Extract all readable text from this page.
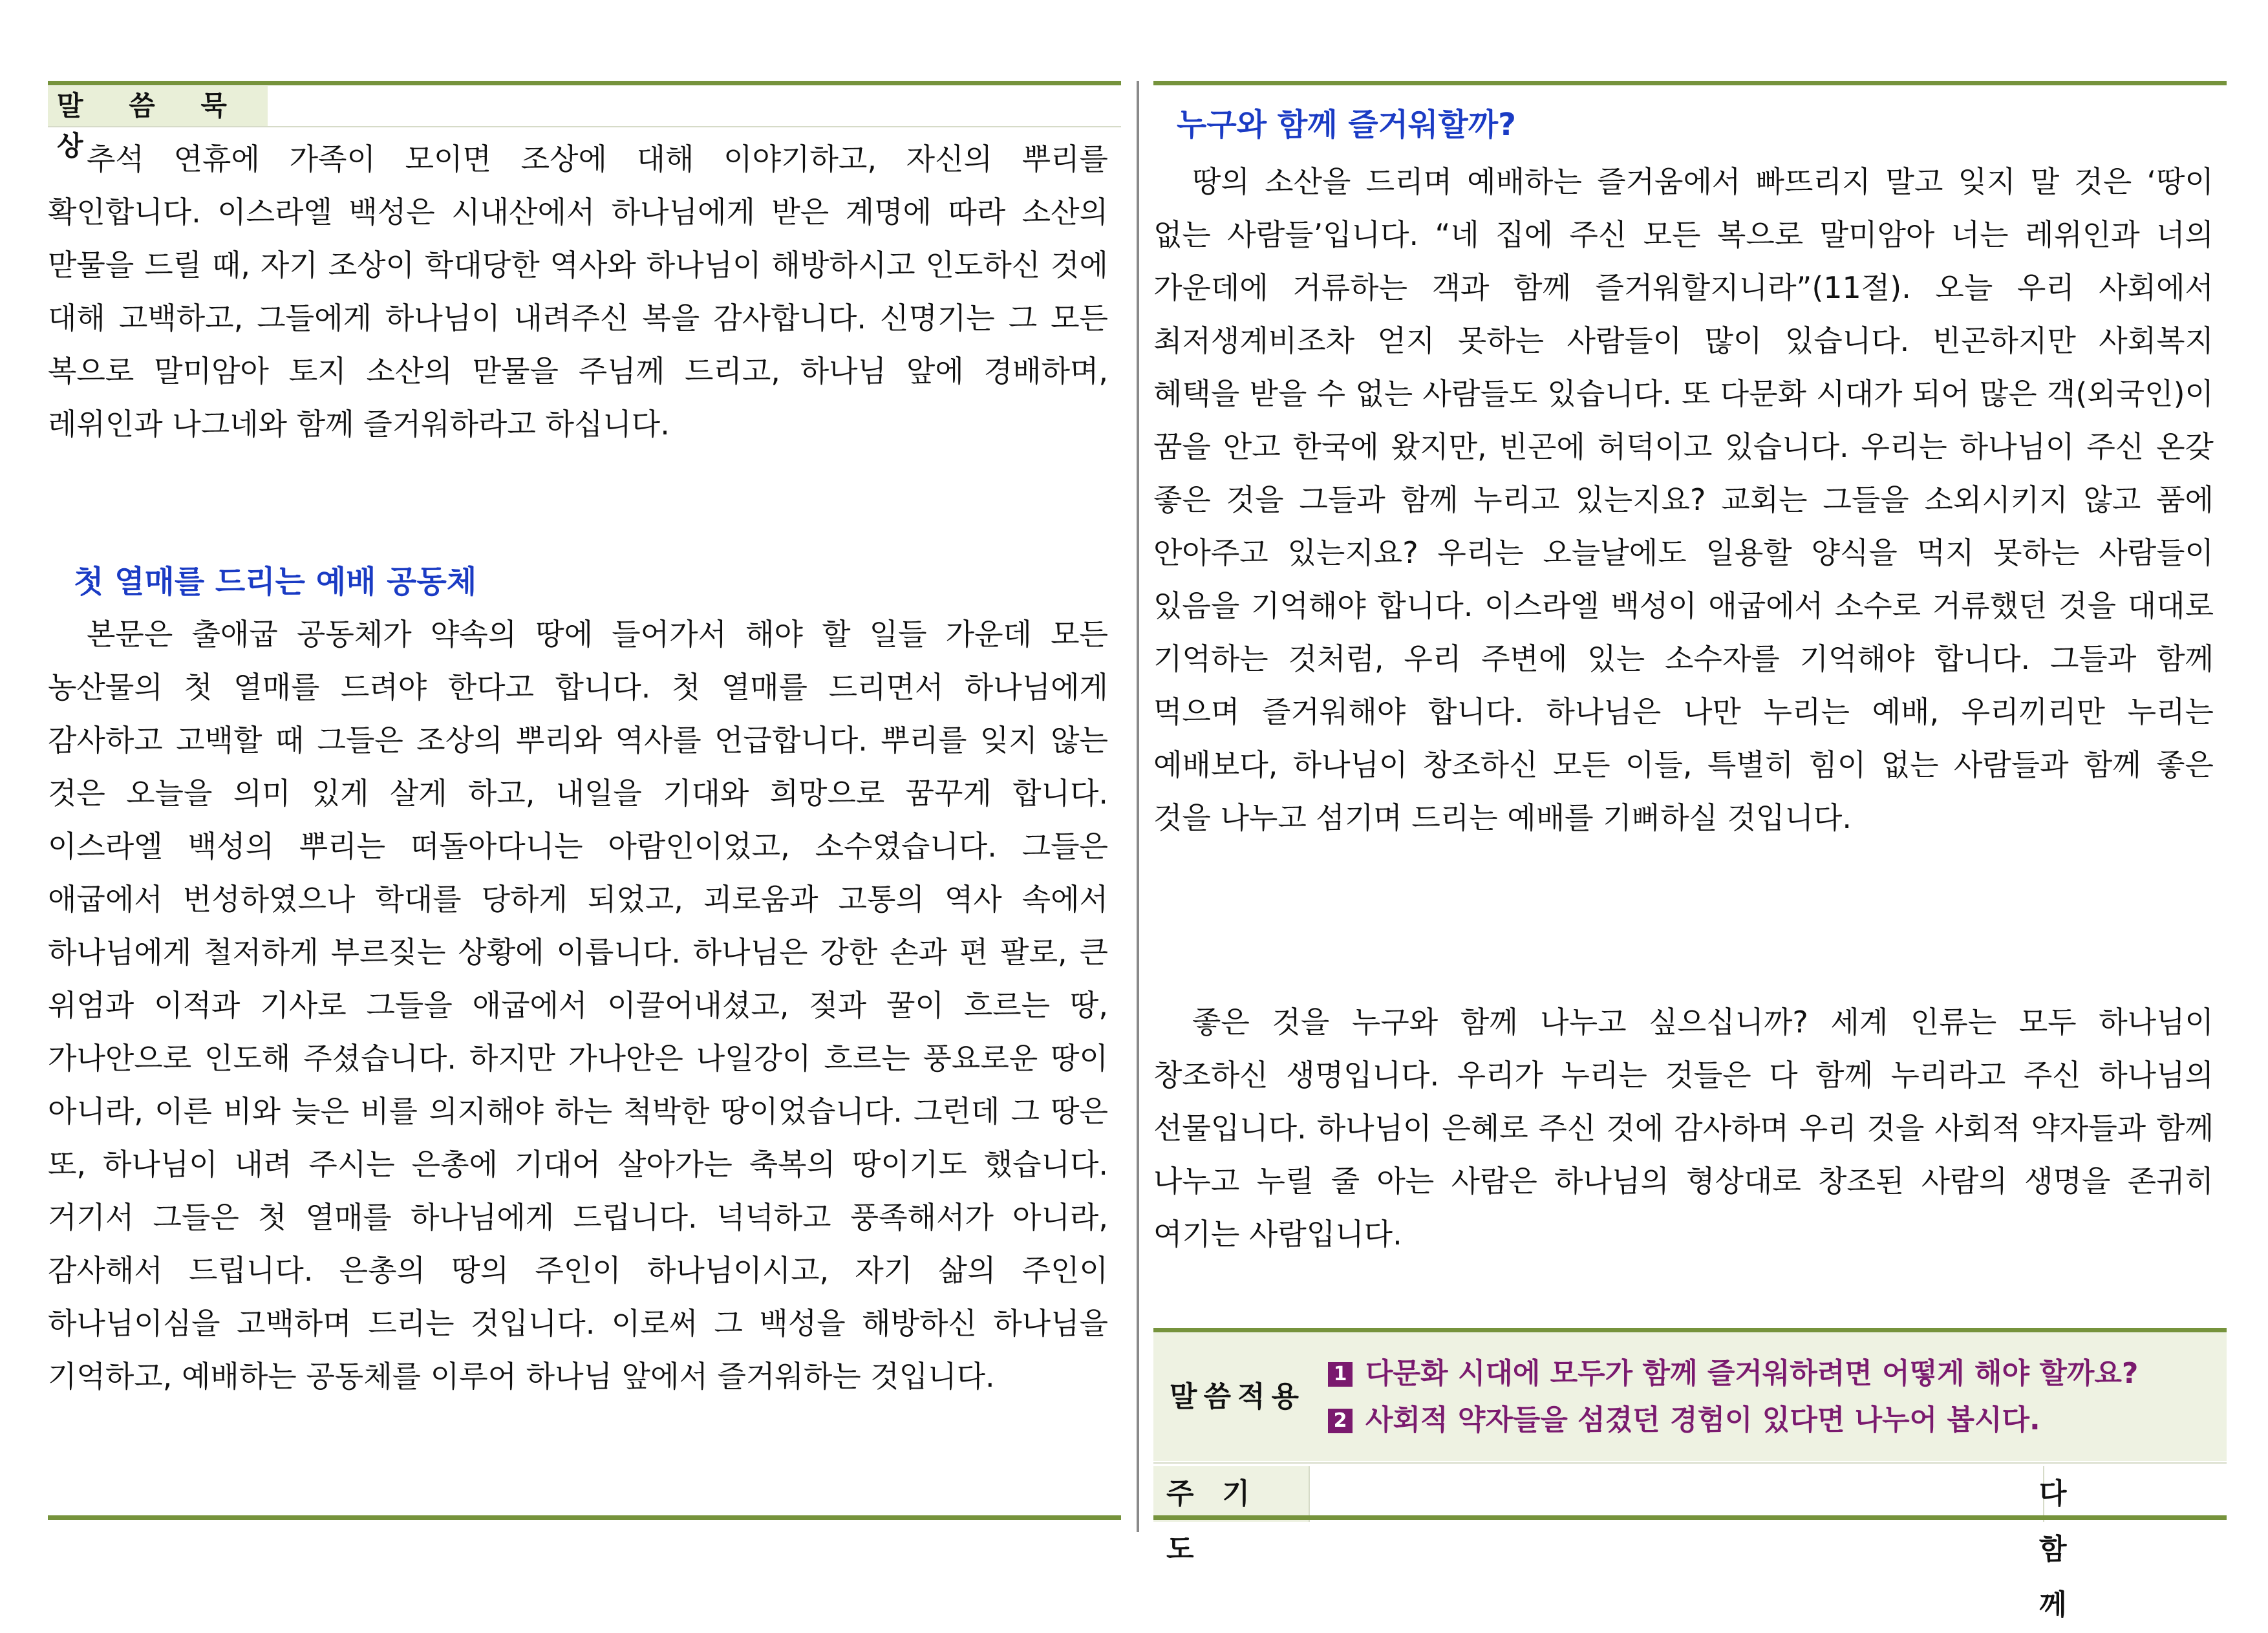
말 씀 묵 상

추석 연휴에 가족이 모이면 조상에 대해 이야기하고, 자신의 뿌리를 확인합니다. 이스라엘 백성은 시내산에서 하나님에게 받은 계명에 따라 소산의 맏물을 드릴 때, 자기 조상이 학대당한 역사와 하나님이 해방하시고 인도하신 것에 대해 고백하고, 그들에게 하나님이 내려주신 복을 감사합니다. 신명기는 그 모든 복으로 말미암아 토지 소산의 맏물을 주님께 드리고, 하나님 앞에 경배하며, 레위인과 나그네와 함께 즐거워하라고 하십니다.

첫 열매를 드리는 예배 공동체

본문은 출애굽 공동체가 약속의 땅에 들어가서 해야 할 일들 가운데 모든 농산물의 첫 열매를 드려야 한다고 합니다. 첫 열매를 드리면서 하나님에게 감사하고 고백할 때 그들은 조상의 뿌리와 역사를 언급합니다. 뿌리를 잊지 않는 것은 오늘을 의미 있게 살게 하고, 내일을 기대와 희망으로 꿈꾸게 합니다. 이스라엘 백성의 뿌리는 떠돌아다니는 아람인이었고, 소수였습니다. 그들은 애굽에서 번성하였으나 학대를 당하게 되었고, 괴로움과 고통의 역사 속에서 하나님에게 철저하게 부르짖는 상황에 이릅니다. 하나님은 강한 손과 편 팔로, 큰 위엄과 이적과 기사로 그들을 애굽에서 이끌어내셨고, 젖과 꿀이 흐르는 땅, 가나안으로 인도해 주셨습니다. 하지만 가나안은 나일강이 흐르는 풍요로운 땅이 아니라, 이른 비와 늦은 비를 의지해야 하는 척박한 땅이었습니다. 그런데 그 땅은 또, 하나님이 내려 주시는 은총에 기대어 살아가는 축복의 땅이기도 했습니다. 거기서 그들은 첫 열매를 하나님에게 드립니다. 넉넉하고 풍족해서가 아니라, 감사해서 드립니다. 은총의 땅의 주인이 하나님이시고, 자기 삶의 주인이 하나님이심을 고백하며 드리는 것입니다. 이로써 그 백성을 해방하신 하나님을 기억하고, 예배하는 공동체를 이루어 하나님 앞에서 즐거워하는 것입니다.

누구와 함께 즐거워할까?

땅의 소산을 드리며 예배하는 즐거움에서 빠뜨리지 말고 잊지 말 것은 ‘땅이 없는 사람들’입니다. “네 집에 주신 모든 복으로 말미암아 너는 레위인과 너의 가운데에 거류하는 객과 함께 즐거워할지니라”(11절). 오늘 우리 사회에서 최저생계비조차 얻지 못하는 사람들이 많이 있습니다. 빈곤하지만 사회복지 혜택을 받을 수 없는 사람들도 있습니다. 또 다문화 시대가 되어 많은 객(외국인)이 꿈을 안고 한국에 왔지만, 빈곤에 허덕이고 있습니다. 우리는 하나님이 주신 온갖 좋은 것을 그들과 함께 누리고 있는지요? 교회는 그들을 소외시키지 않고 품에 안아주고 있는지요? 우리는 오늘날에도 일용할 양식을 먹지 못하는 사람들이 있음을 기억해야 합니다. 이스라엘 백성이 애굽에서 소수로 거류했던 것을 대대로 기억하는 것처럼, 우리 주변에 있는 소수자를 기억해야 합니다. 그들과 함께 먹으며 즐거워해야 합니다. 하나님은 나만 누리는 예배, 우리끼리만 누리는 예배보다, 하나님이 창조하신 모든 이들, 특별히 힘이 없는 사람들과 함께 좋은 것을 나누고 섬기며 드리는 예배를 기뻐하실 것입니다.

좋은 것을 누구와 함께 나누고 싶으십니까? 세계 인류는 모두 하나님이 창조하신 생명입니다. 우리가 누리는 것들은 다 함께 누리라고 주신 하나님의 선물입니다. 하나님이 은혜로 주신 것에 감사하며 우리 것을 사회적 약자들과 함께 나누고 누릴 줄 아는 사람은 하나님의 형상대로 창조된 사람의 생명을 존귀히 여기는 사람입니다.

말씀적용
1 다문화 시대에 모두가 함께 즐거워하려면 어떻게 해야 할까요?
2 사회적 약자들을 섬겼던 경험이 있다면 나누어 봅시다.
주기도
다 함 께
